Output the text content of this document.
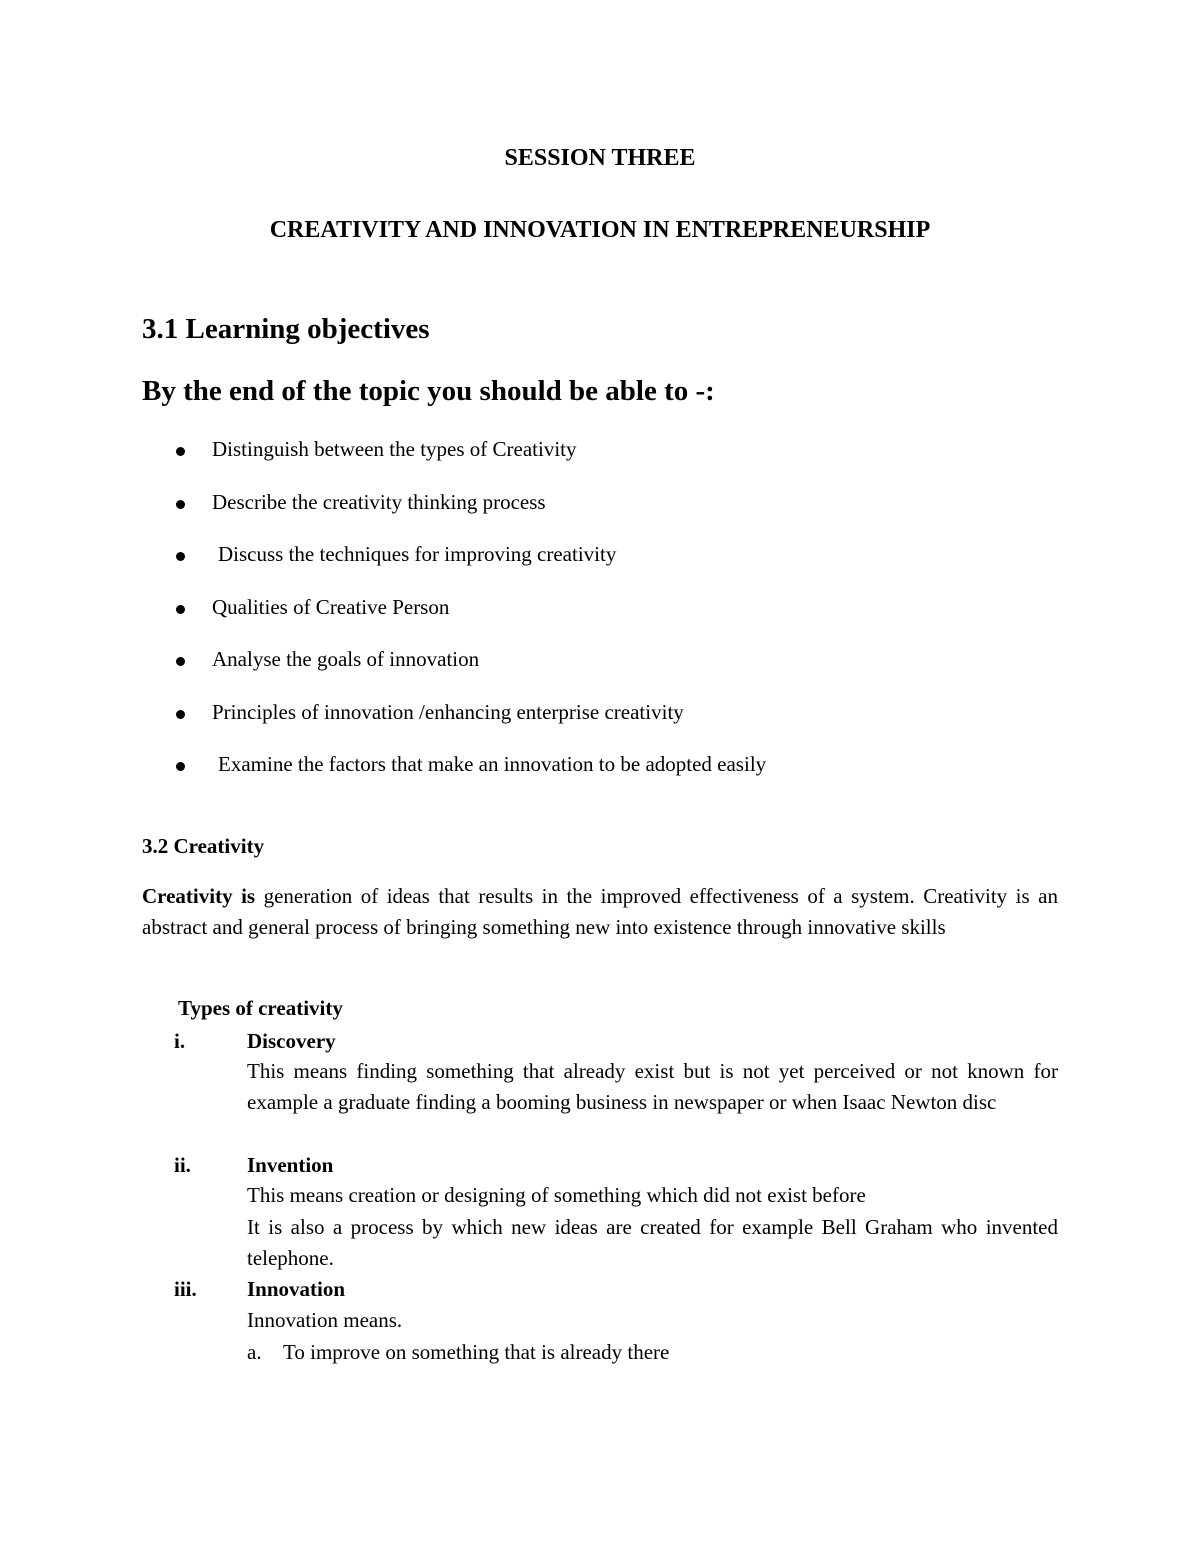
SESSION THREE
CREATIVITY AND INNOVATION IN ENTREPRENEURSHIP
3.1 Learning objectives
By the end of the topic you should be able to -:
Distinguish between the types of Creativity
Describe the creativity thinking process
Discuss the techniques for improving creativity
Qualities of Creative Person
Analyse the goals of innovation
Principles of innovation /enhancing enterprise creativity
Examine the factors that make an innovation to be adopted easily
3.2 Creativity
Creativity is generation of ideas that results in the improved effectiveness of a system. Creativity is an abstract and general process of bringing something new into existence through innovative skills
Types of creativity
i.	Discovery
This means finding something that already exist but is not yet perceived or not known for example a graduate finding a booming business in newspaper or when Isaac Newton disc
ii.	Invention
This means creation or designing of something which did not exist before
It is also a process by which new ideas are created for example Bell Graham who invented telephone.
iii. Innovation
Innovation means.
a. To improve on something that is already there
